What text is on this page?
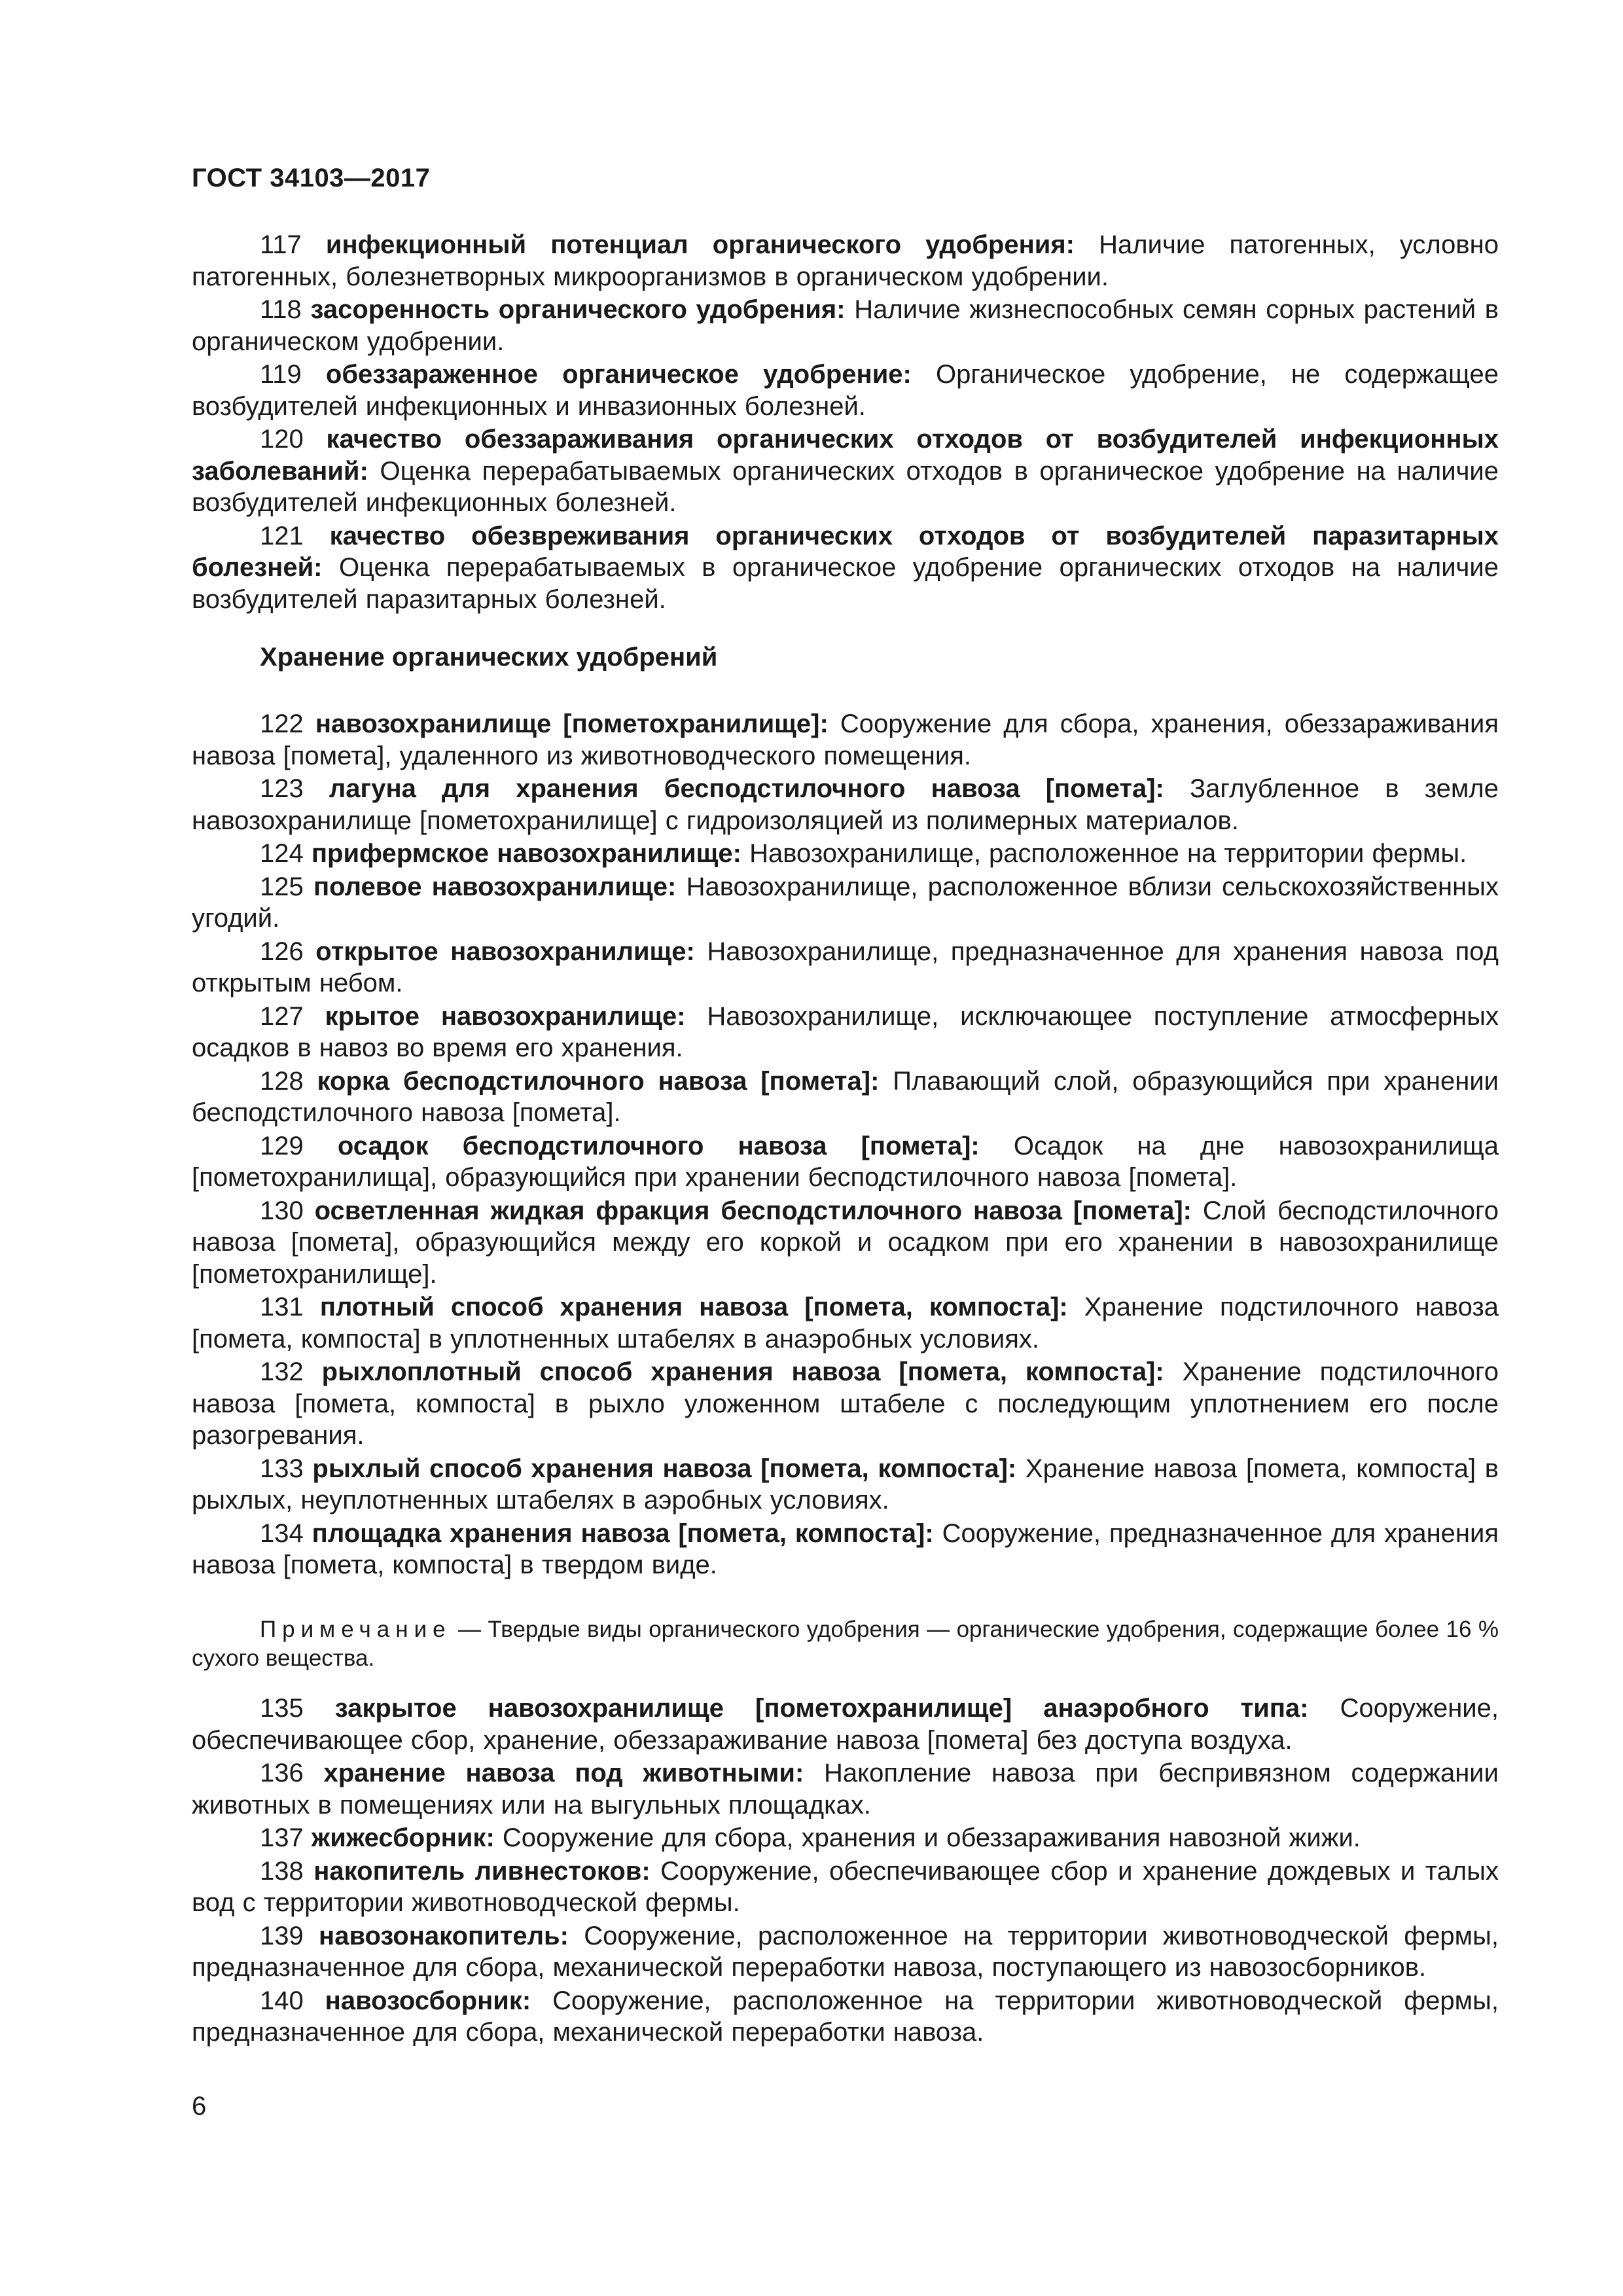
ГОСТ 34103—2017

117 инфекционный потенциал органического удобрения: Наличие патогенных, условно патогенных, болезнетворных микроорганизмов в органическом удобрении.

118 засоренность органического удобрения: Наличие жизнеспособных семян сорных растений в органическом удобрении.

119 обеззараженное органическое удобрение: Органическое удобрение, не содержащее возбудителей инфекционных и инвазионных болезней.

120 качество обеззараживания органических отходов от возбудителей инфекционных заболеваний: Оценка перерабатываемых органических отходов в органическое удобрение на наличие возбудителей инфекционных болезней.

121 качество обезвреживания органических отходов от возбудителей паразитарных болезней: Оценка перерабатываемых в органическое удобрение органических отходов на наличие возбудителей паразитарных болезней.

Хранение органических удобрений

122 навозохранилище [пометохранилище]: Сооружение для сбора, хранения, обеззараживания навоза [помета], удаленного из животноводческого помещения.

123 лагуна для хранения бесподстилочного навоза [помета]: Заглубленное в земле навозохранилище [пометохранилище] с гидроизоляцией из полимерных материалов.

124 прифермское навозохранилище: Навозохранилище, расположенное на территории фермы.

125 полевое навозохранилище: Навозохранилище, расположенное вблизи сельскохозяйственных угодий.

126 открытое навозохранилище: Навозохранилище, предназначенное для хранения навоза под открытым небом.

127 крытое навозохранилище: Навозохранилище, исключающее поступление атмосферных осадков в навоз во время его хранения.

128 корка бесподстилочного навоза [помета]: Плавающий слой, образующийся при хранении бесподстилочного навоза [помета].

129 осадок бесподстилочного навоза [помета]: Осадок на дне навозохранилища [пометохранилища], образующийся при хранении бесподстилочного навоза [помета].

130 осветленная жидкая фракция бесподстилочного навоза [помета]: Слой бесподстилочного навоза [помета], образующийся между его коркой и осадком при его хранении в навозохранилище [пометохранилище].

131 плотный способ хранения навоза [помета, компоста]: Хранение подстилочного навоза [помета, компоста] в уплотненных штабелях в анаэробных условиях.

132 рыхлоплотный способ хранения навоза [помета, компоста]: Хранение подстилочного навоза [помета, компоста] в рыхло уложенном штабеле с последующим уплотнением его после разогревания.

133 рыхлый способ хранения навоза [помета, компоста]: Хранение навоза [помета, компоста] в рыхлых, неуплотненных штабелях в аэробных условиях.

134 площадка хранения навоза [помета, компоста]: Сооружение, предназначенное для хранения навоза [помета, компоста] в твердом виде.

Примечание — Твердые виды органического удобрения — органические удобрения, содержащие более 16 % сухого вещества.

135 закрытое навозохранилище [пометохранилище] анаэробного типа: Сооружение, обеспечивающее сбор, хранение, обеззараживание навоза [помета] без доступа воздуха.

136 хранение навоза под животными: Накопление навоза при беспривязном содержании животных в помещениях или на выгульных площадках.

137 жижесборник: Сооружение для сбора, хранения и обеззараживания навозной жижи.

138 накопитель ливнестоков: Сооружение, обеспечивающее сбор и хранение дождевых и талых вод с территории животноводческой фермы.

139 навозонакопитель: Сооружение, расположенное на территории животноводческой фермы, предназначенное для сбора, механической переработки навоза, поступающего из навозосборников.

140 навозосборник: Сооружение, расположенное на территории животноводческой фермы, предназначенное для сбора, механической переработки навоза.

6
